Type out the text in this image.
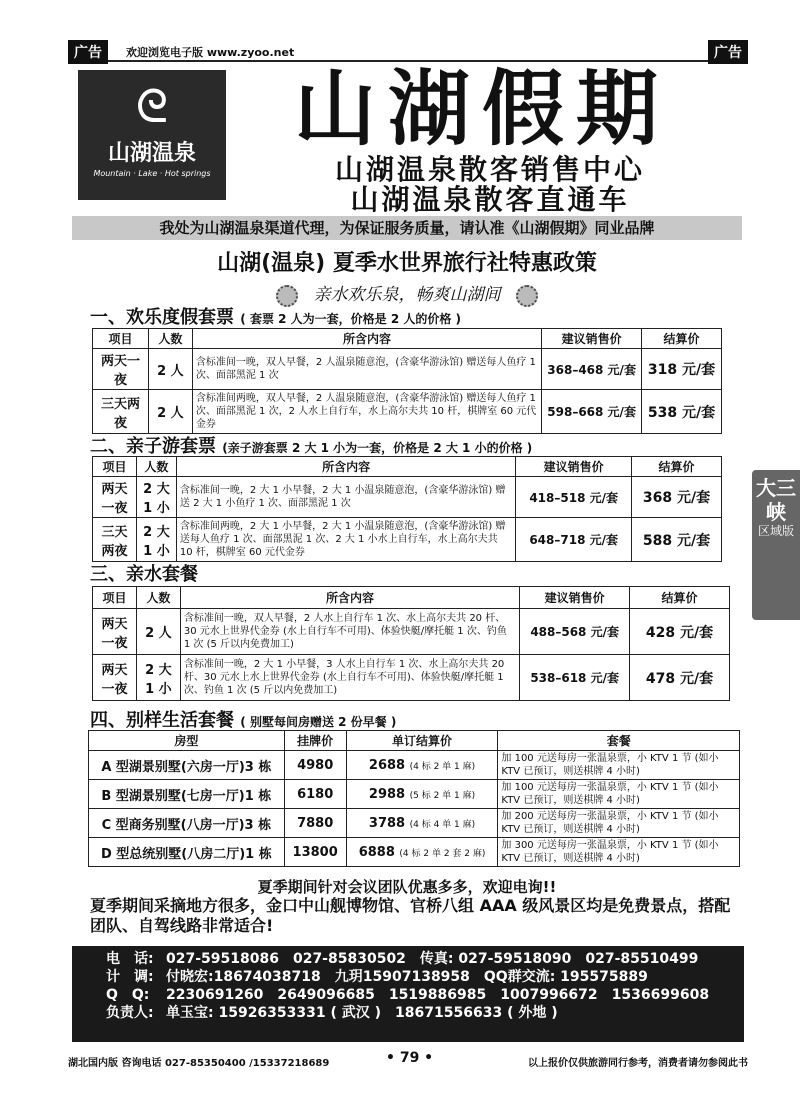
广告	欢迎浏览电子版 www.zyoo.net	广告
ᘓ
山湖温泉
Mountain · Lake · Hot springs
山湖假期
山湖温泉散客销售中心
山湖温泉散客直通车
我处为山湖温泉渠道代理，为保证服务质量，请认准《山湖假期》同业品牌
山湖(温泉) 夏季水世界旅行社特惠政策
亲水欢乐泉，畅爽山湖间
一、欢乐度假套票 ( 套票 2 人为一套，价格是 2 人的价格 )
项目	人数	所含内容	建议销售价	结算价
两天一夜	2 人	含标准间一晚，双人早餐，2 人温泉随意泡，(含豪华游泳馆) 赠送每人鱼疗 1 次、面部黑泥 1 次	368–468 元/套	318 元/套
三天两夜	2 人	含标准间两晚，双人早餐，2 人温泉随意泡，(含豪华游泳馆) 赠送每人鱼疗 1 次、面部黑泥 1 次，2 人水上自行车，水上高尔夫共 10 杆，棋牌室 60 元代金券	598–668 元/套	538 元/套
二、亲子游套票 (亲子游套票 2 大 1 小为一套，价格是 2 大 1 小的价格 )
项目	人数	所含内容	建议销售价	结算价
两天一夜	2 大 1 小	含标准间一晚，2 大 1 小早餐，2 大 1 小温泉随意泡，(含豪华游泳馆) 赠送 2 大 1 小鱼疗 1 次、面部黑泥 1 次	418–518 元/套	368 元/套
三天两夜	2 大 1 小	含标准间两晚，2 大 1 小早餐，2 大 1 小温泉随意泡，(含豪华游泳馆) 赠送每人鱼疗 1 次、面部黑泥 1 次、2 大 1 小水上自行车，水上高尔夫共 10 杆，棋牌室 60 元代金券	648–718 元/套	588 元/套
大三峡
区域版
三、亲水套餐
项目	人数	所含内容	建议销售价	结算价
两天一夜	2 人	含标准间一晚，双人早餐，2 人水上自行车 1 次、水上高尔夫共 20 杆、30 元水上世界代金券 (水上自行车不可用)、体验快艇/摩托艇 1 次、钓鱼 1 次 (5 斤以内免费加工)	488–568 元/套	428 元/套
两天一夜	2 大 1 小	含标准间一晚，2 大 1 小早餐，3 人水上自行车 1 次、水上高尔夫共 20 杆、30 元水上水上世界代金券 (水上自行车不可用)、体验快艇/摩托艇 1 次、钓鱼 1 次 (5 斤以内免费加工)	538–618 元/套	478 元/套
四、别样生活套餐 ( 别墅每间房赠送 2 份早餐 )
房型	挂牌价	单订结算价	套餐
A 型湖景别墅(六房一厅)3 栋	4980	2688 (4 标 2 单 1 麻)	加 100 元送每房一张温泉票，小 KTV 1 节 (如小 KTV 已预订，则送棋牌 4 小时)
B 型湖景别墅(七房一厅)1 栋	6180	2988 (5 标 2 单 1 麻)	加 100 元送每房一张温泉票，小 KTV 1 节 (如小 KTV 已预订，则送棋牌 4 小时)
C 型商务别墅(八房一厅)3 栋	7880	3788 (4 标 4 单 1 麻)	加 200 元送每房一张温泉票，小 KTV 1 节 (如小 KTV 已预订，则送棋牌 4 小时)
D 型总统别墅(八房二厅)1 栋	13800	6888 (4 标 2 单 2 套 2 麻)	加 300 元送每房一张温泉票，小 KTV 1 节 (如小 KTV 已预订，则送棋牌 4 小时)
夏季期间针对会议团队优惠多多，欢迎电询!!
夏季期间采摘地方很多，金口中山舰博物馆、官桥八组 AAA 级风景区均是免费景点，搭配团队、自驾线路非常适合!
电　话: 027-59518086　027-85830502　传真: 027-59518090　027-85510499
计　调: 付晓宏:18674038718　九玥15907138958　QQ群交流: 195575889
Q　Q: 2230691260　2649096685　1519886985　1007996672　1536699608
负责人: 单玉宝: 15926353331 ( 武汉 )　18671556633 ( 外地 )
湖北国内版 咨询电话 027-85350400 /15337218689	• 79 •	以上报价仅供旅游同行参考，消费者请勿参阅此书
